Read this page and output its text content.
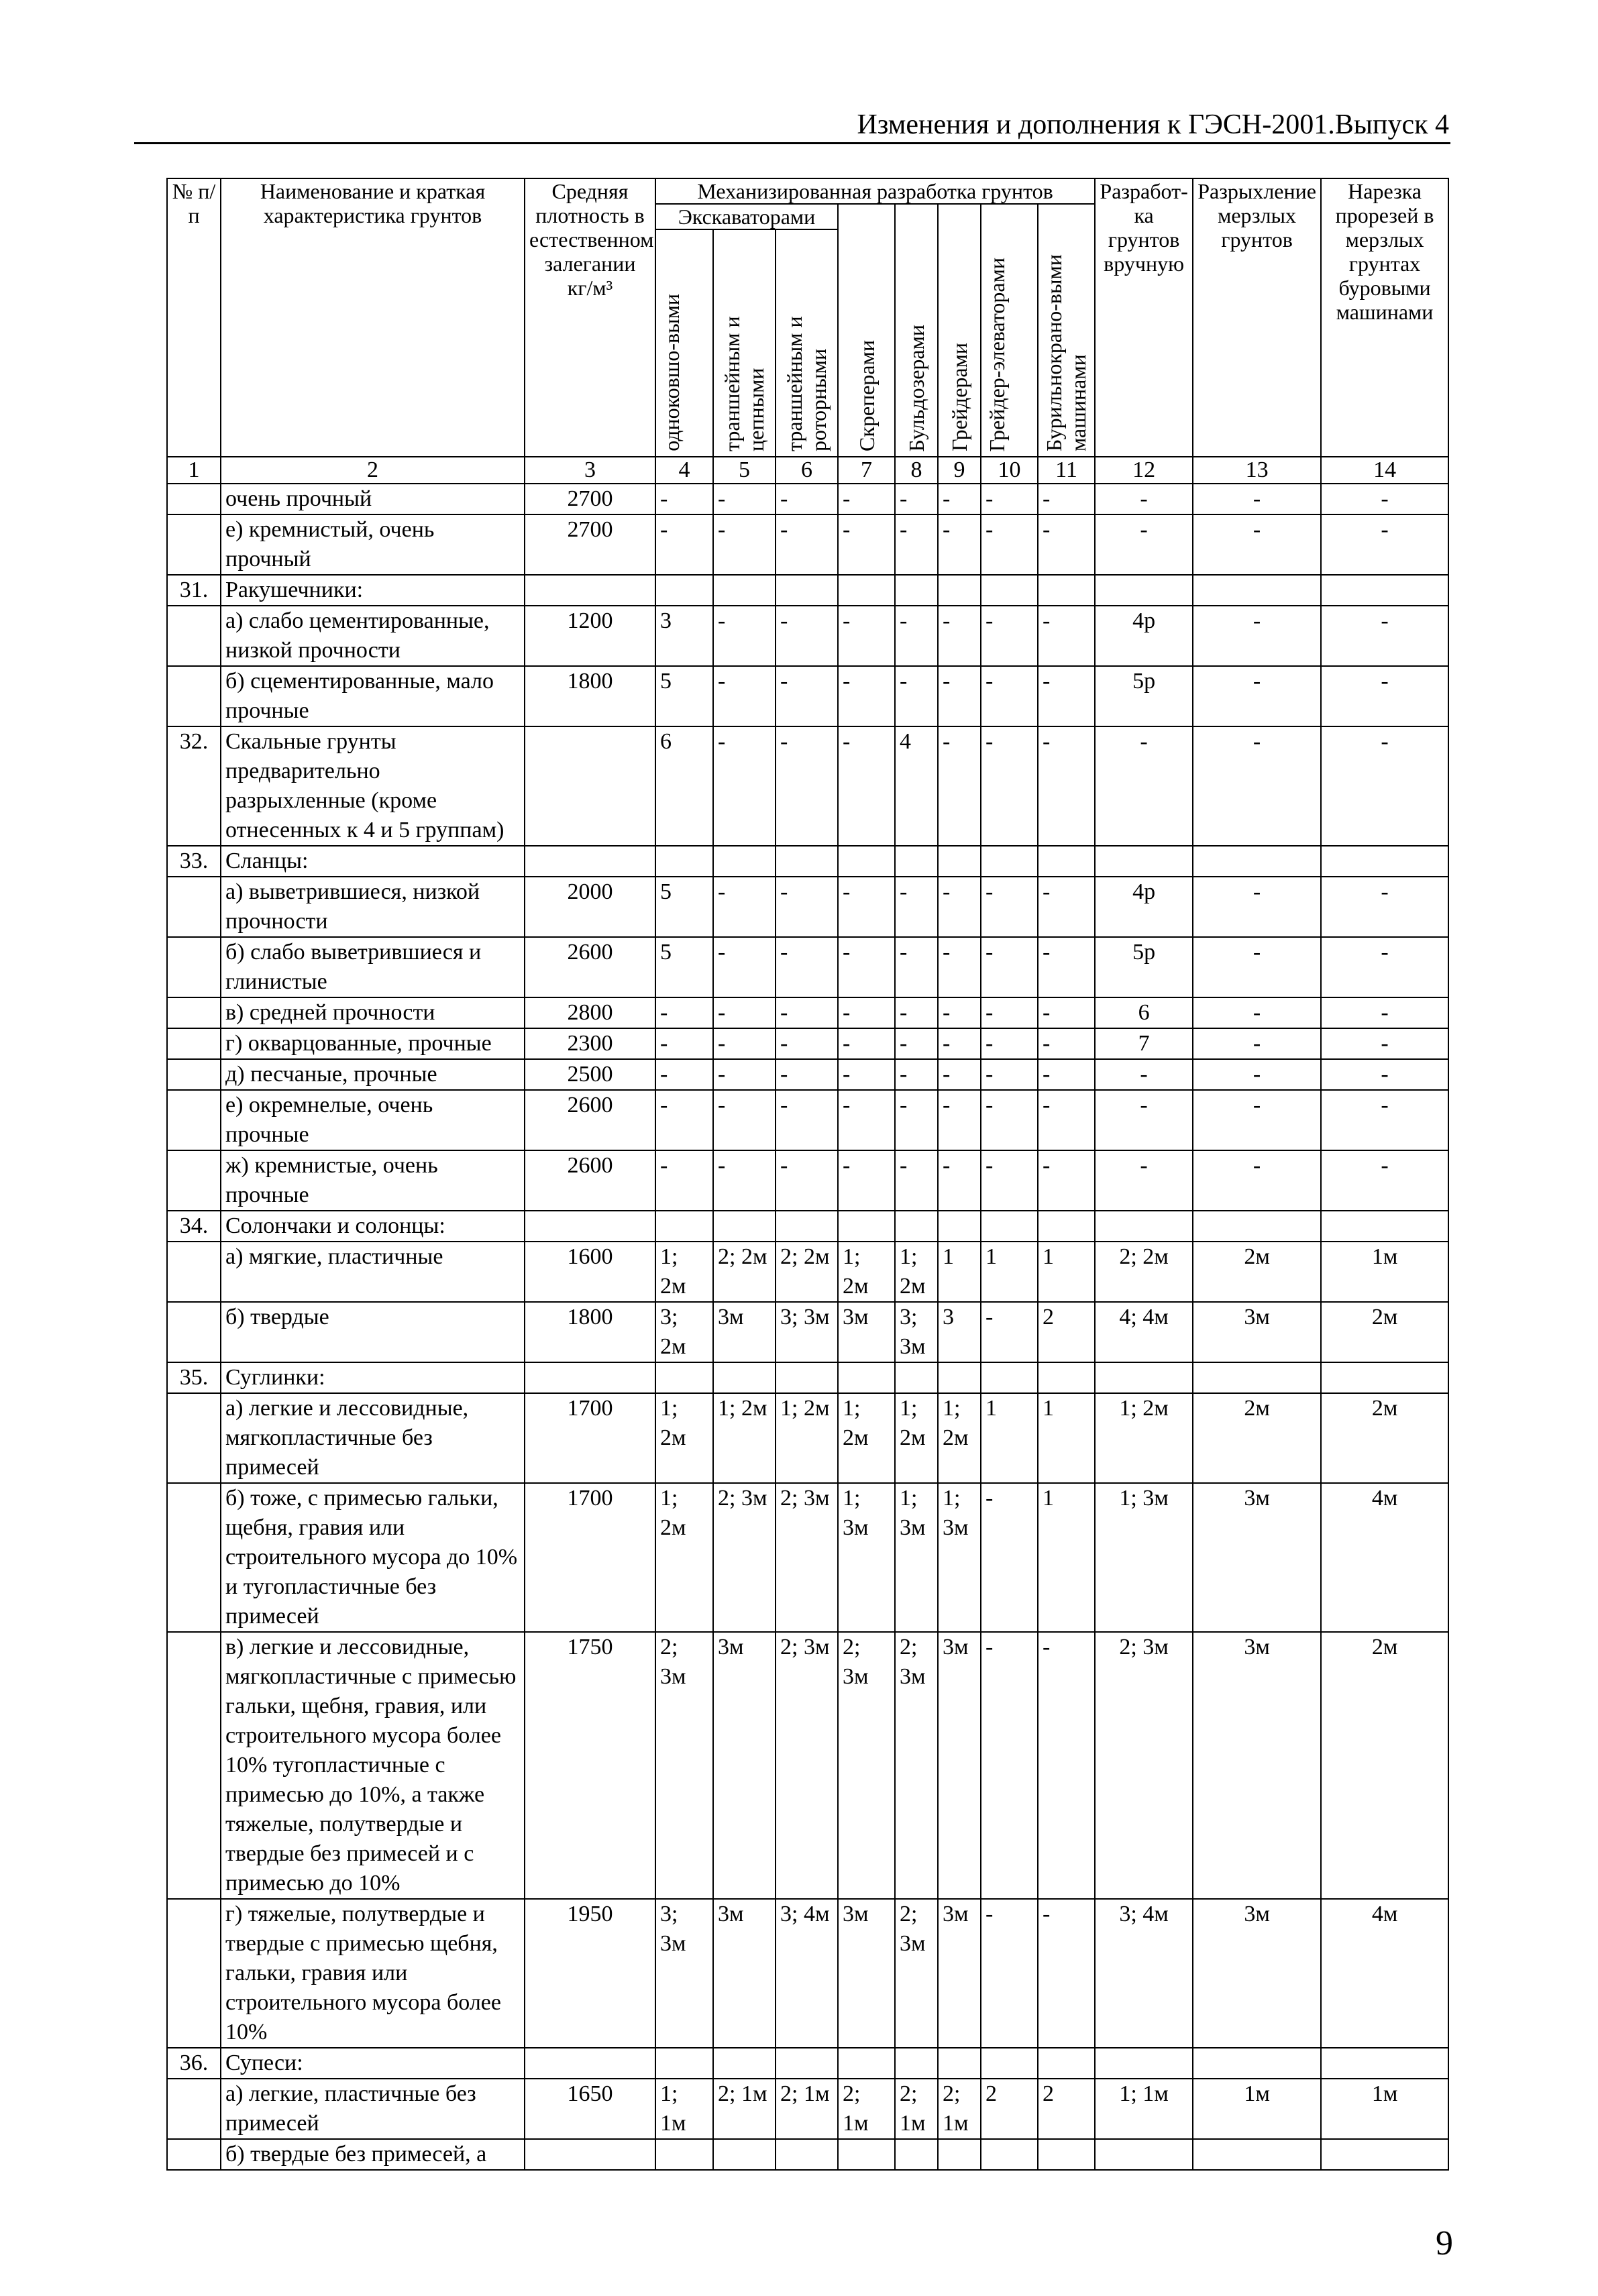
Изменения и дополнения к ГЭСН-2001.Выпуск 4
№ п/п	Наименование и краткая характеристика грунтов	Средняя плотность в естественном залегании кг/м³	Механизированная разработка грунтов								Разработ-ка грунтов вручную	Разрыхление мерзлых грунтов	Нарезка прорезей в мерзлых грунтах буровыми машинами
			Экскаваторами			Скреперами	Бульдозерами	Грейдерами	Грейдер-элеваторами	Бурильнокрано-выми машинами			
			одноковшо-выми	траншейным и цепными	траншейным и роторными								
1	2	3	4	5	6	7	8	9	10	11	12	13	14
	очень прочный	2700	-	-	-	-	-	-	-	-	-	-	-
	е) кремнистый, очень прочный	2700	-	-	-	-	-	-	-	-	-	-	-
31.	Ракушечники:												
	а) слабо цементированные, низкой прочности	1200	3	-	-	-	-	-	-	-	4р	-	-
	б) сцементированные, мало прочные	1800	5	-	-	-	-	-	-	-	5р	-	-
32.	Скальные грунты предварительно разрыхленные (кроме отнесенных к 4 и 5 группам)		6	-	-	-	4	-	-	-	-	-	-
33.	Сланцы:												
	а) выветрившиеся, низкой прочности	2000	5	-	-	-	-	-	-	-	4р	-	-
	б) слабо выветрившиеся и глинистые	2600	5	-	-	-	-	-	-	-	5р	-	-
	в) средней прочности	2800	-	-	-	-	-	-	-	-	6	-	-
	г) окварцованные, прочные	2300	-	-	-	-	-	-	-	-	7	-	-
	д) песчаные, прочные	2500	-	-	-	-	-	-	-	-	-	-	-
	е) окремнелые, очень прочные	2600	-	-	-	-	-	-	-	-	-	-	-
	ж) кремнистые, очень прочные	2600	-	-	-	-	-	-	-	-	-	-	-
34.	Солончаки и солонцы:												
	а) мягкие, пластичные	1600	1; 2м	2; 2м	2; 2м	1; 2м	1; 2м	1	1	1	2; 2м	2м	1м
	б) твердые	1800	3; 2м	3м	3; 3м	3м	3; 3м	3	-	2	4; 4м	3м	2м
35.	Суглинки:												
	а) легкие и лессовидные, мягкопластичные без примесей	1700	1; 2м	1; 2м	1; 2м	1; 2м	1; 2м	1; 2м	1	1	1; 2м	2м	2м
	б) тоже, с примесью гальки, щебня, гравия или строительного мусора до 10% и тугопластичные без примесей	1700	1; 2м	2; 3м	2; 3м	1; 3м	1; 3м	1; 3м	-	1	1; 3м	3м	4м
	в) легкие и лессовидные, мягкопластичные с примесью гальки, щебня, гравия, или строительного мусора более 10% тугопластичные с примесью до 10%, а также тяжелые, полутвердые и твердые без примесей и с примесью до 10%	1750	2; 3м	3м	2; 3м	2; 3м	2; 3м	3м	-	-	2; 3м	3м	2м
	г) тяжелые, полутвердые и твердые с примесью щебня, гальки, гравия или строительного мусора более 10%	1950	3; 3м	3м	3; 4м	3м	2; 3м	3м	-	-	3; 4м	3м	4м
36.	Супеси:												
	а) легкие, пластичные без примесей	1650	1; 1м	2; 1м	2; 1м	2; 1м	2; 1м	2; 1м	2	2	1; 1м	1м	1м
	б) твердые без примесей, а												
9
